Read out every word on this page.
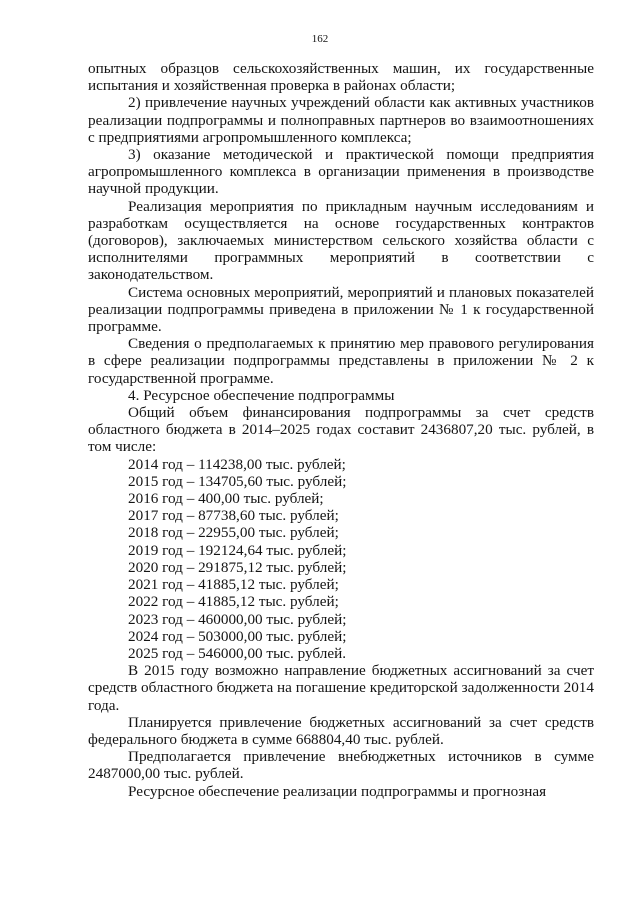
162

опытных образцов сельскохозяйственных машин, их государственные испытания и хозяйственная проверка в районах области;

2) привлечение научных учреждений области как активных участников реализации подпрограммы и полноправных партнеров во взаимоотношениях с предприятиями агропромышленного комплекса;

3) оказание методической и практической помощи предприятия агропромышленного комплекса в организации применения в производстве научной продукции.

Реализация мероприятия по прикладным научным исследованиям и разработкам осуществляется на основе государственных контрактов (договоров), заключаемых министерством сельского хозяйства области с исполнителями программных мероприятий в соответствии с законодательством.

Система основных мероприятий, мероприятий и плановых показателей реализации подпрограммы приведена в приложении № 1 к государственной программе.

Сведения о предполагаемых к принятию мер правового регулирования в сфере реализации подпрограммы представлены в приложении № 2 к государственной программе.

4. Ресурсное обеспечение подпрограммы

Общий объем финансирования подпрограммы за счет средств областного бюджета в 2014–2025 годах составит 2436807,20 тыс. рублей, в том числе:

2014 год – 114238,00 тыс. рублей;
2015 год – 134705,60 тыс. рублей;
2016 год – 400,00 тыс. рублей;
2017 год – 87738,60 тыс. рублей;
2018 год – 22955,00 тыс. рублей;
2019 год – 192124,64 тыс. рублей;
2020 год – 291875,12 тыс. рублей;
2021 год – 41885,12 тыс. рублей;
2022 год – 41885,12 тыс. рублей;
2023 год – 460000,00 тыс. рублей;
2024 год – 503000,00 тыс. рублей;
2025 год – 546000,00 тыс. рублей.

В 2015 году возможно направление бюджетных ассигнований за счет средств областного бюджета на погашение кредиторской задолженности 2014 года.

Планируется привлечение бюджетных ассигнований за счет средств федерального бюджета в сумме 668804,40 тыс. рублей.

Предполагается привлечение внебюджетных источников в сумме 2487000,00 тыс. рублей.

Ресурсное обеспечение реализации подпрограммы и прогнозная
